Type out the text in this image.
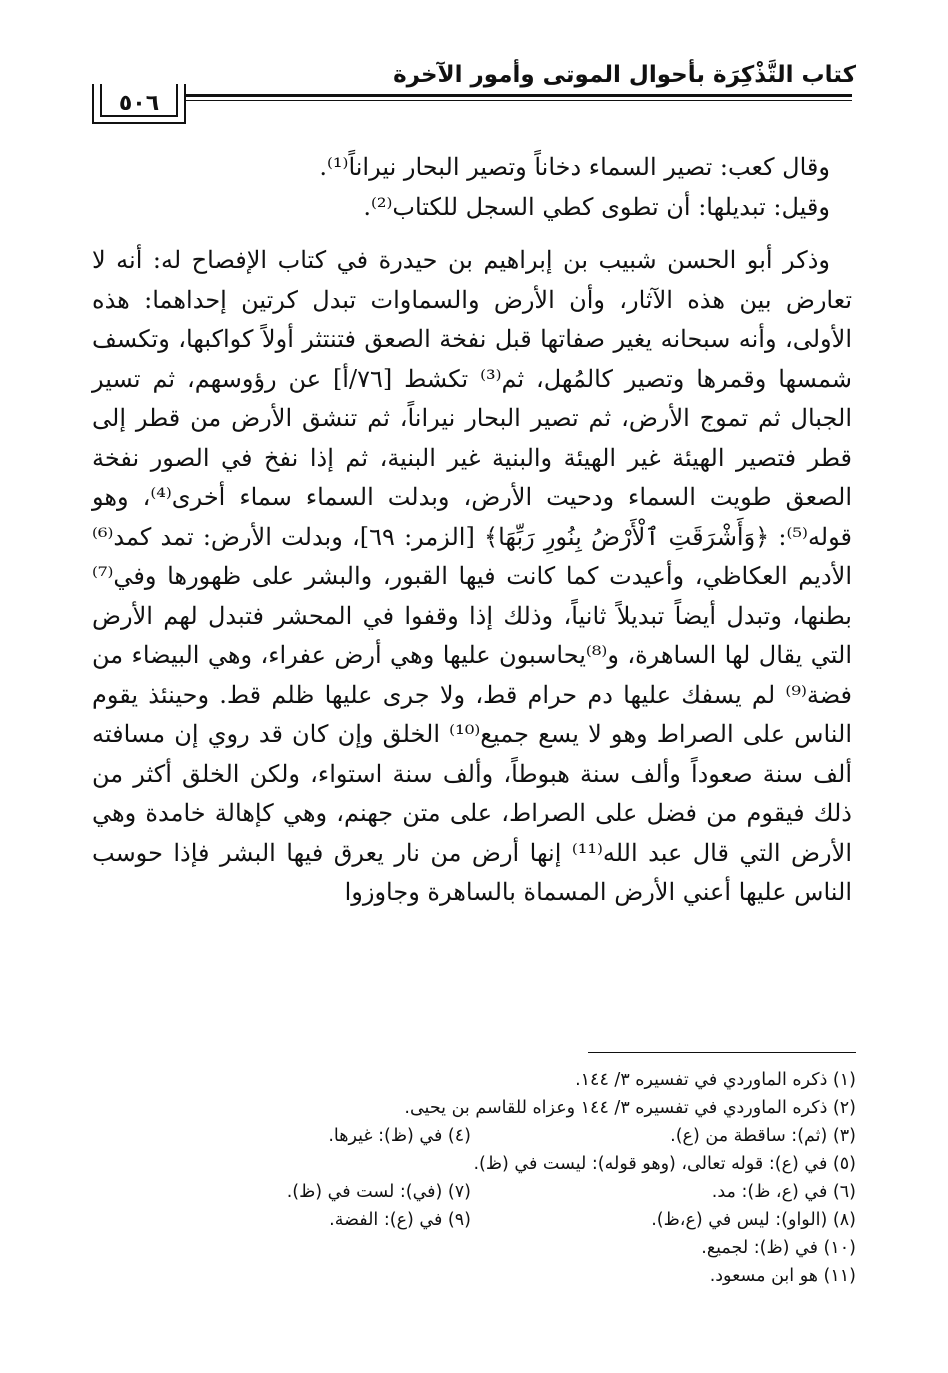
كتاب التَّذْكِرَة بأحوال الموتى وأمور الآخرة
٥٠٦

وقال كعب: تصير السماء دخاناً وتصير البحار نيراناً⁽¹⁾.

وقيل: تبديلها: أن تطوى كطي السجل للكتاب⁽²⁾.

وذكر أبو الحسن شبيب بن إبراهيم بن حيدرة في كتاب الإفصاح له: أنه لا تعارض بين هذه الآثار، وأن الأرض والسماوات تبدل كرتين إحداهما: هذه الأولى، وأنه سبحانه يغير صفاتها قبل نفخة الصعق فتنتثر أولاً كواكبها، وتكسف شمسها وقمرها وتصير كالمُهل، ثم⁽³⁾ تكشط [٧٦/أ] عن رؤوسهم، ثم تسير الجبال ثم تموج الأرض، ثم تصير البحار نيراناً، ثم تنشق الأرض من قطر إلى قطر فتصير الهيئة غير الهيئة والبنية غير البنية، ثم إذا نفخ في الصور نفخة الصعق طويت السماء ودحيت الأرض، وبدلت السماء سماء أخرى⁽⁴⁾، وهو قوله⁽⁵⁾: ﴿وَأَشْرَقَتِ ٱلْأَرْضُ بِنُورِ رَبِّهَا﴾ [الزمر: ٦٩]، وبدلت الأرض: تمد كمد⁽⁶⁾ الأديم العكاظي، وأعيدت كما كانت فيها القبور، والبشر على ظهورها وفي⁽⁷⁾ بطنها، وتبدل أيضاً تبديلاً ثانياً، وذلك إذا وقفوا في المحشر فتبدل لهم الأرض التي يقال لها الساهرة، و⁽⁸⁾يحاسبون عليها وهي أرض عفراء، وهي البيضاء من فضة⁽⁹⁾ لم يسفك عليها دم حرام قط، ولا جرى عليها ظلم قط. وحينئذ يقوم الناس على الصراط وهو لا يسع جميع⁽¹⁰⁾ الخلق وإن كان قد روي إن مسافته ألف سنة صعوداً وألف سنة هبوطاً، وألف سنة استواء، ولكن الخلق أكثر من ذلك فيقوم من فضل على الصراط، على متن جهنم، وهي كإهالة خامدة وهي الأرض التي قال عبد الله⁽¹¹⁾ إنها أرض من نار يعرق فيها البشر فإذا حوسب الناس عليها أعني الأرض المسماة بالساهرة وجاوزوا

(١) ذكره الماوردي في تفسيره ٣/ ١٤٤.
(٢) ذكره الماوردي في تفسيره ٣/ ١٤٤ وعزاه للقاسم بن يحيى.
(٣) (ثم): ساقطة من (ع).
(٤) في (ظ): غيرها.
(٥) في (ع): قوله تعالى، (وهو قوله): ليست في (ظ).
(٦) في (ع، ظ): مد.
(٧) (في): لست في (ظ).
(٨) (الواو): ليس في (ع،ظ).
(٩) في (ع): الفضة.
(١٠) في (ظ): لجميع.
(١١) هو ابن مسعود.
